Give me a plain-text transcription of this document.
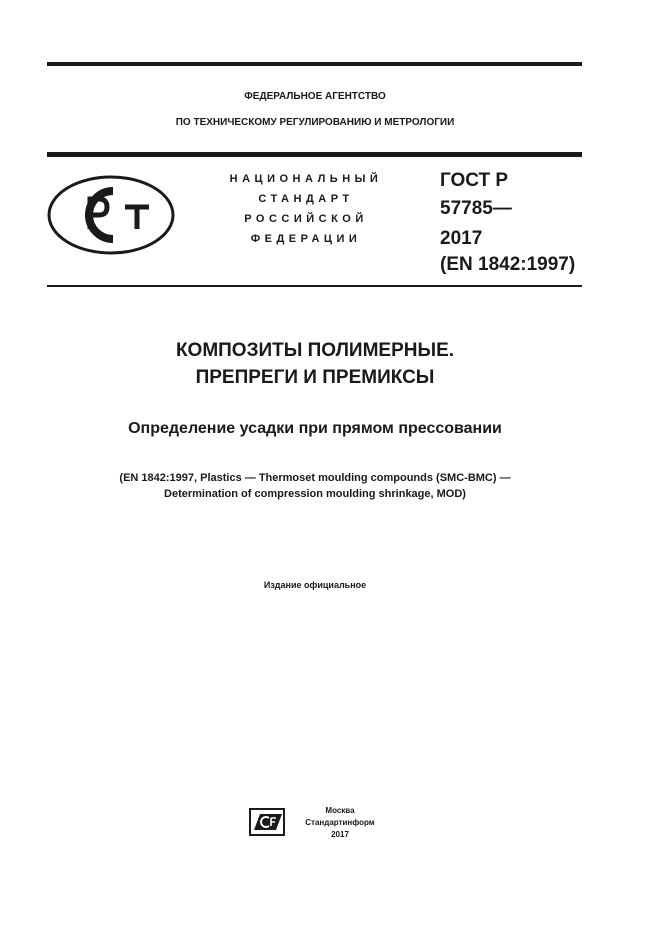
ФЕДЕРАЛЬНОЕ АГЕНТСТВО
ПО ТЕХНИЧЕСКОМУ РЕГУЛИРОВАНИЮ И МЕТРОЛОГИИ
НАЦИОНАЛЬНЫЙ
СТАНДАРТ
РОССИЙСКОЙ
ФЕДЕРАЦИИ
ГОСТ Р
57785—
2017
(EN 1842:1997)
КОМПОЗИТЫ ПОЛИМЕРНЫЕ.
ПРЕПРЕГИ И ПРЕМИКСЫ
Определение усадки при прямом прессовании
(EN 1842:1997, Plastics — Thermoset moulding compounds (SMC-BMC) —
Determination of compression moulding shrinkage, MOD)
Издание официальное
Москва
Стандартинформ
2017
